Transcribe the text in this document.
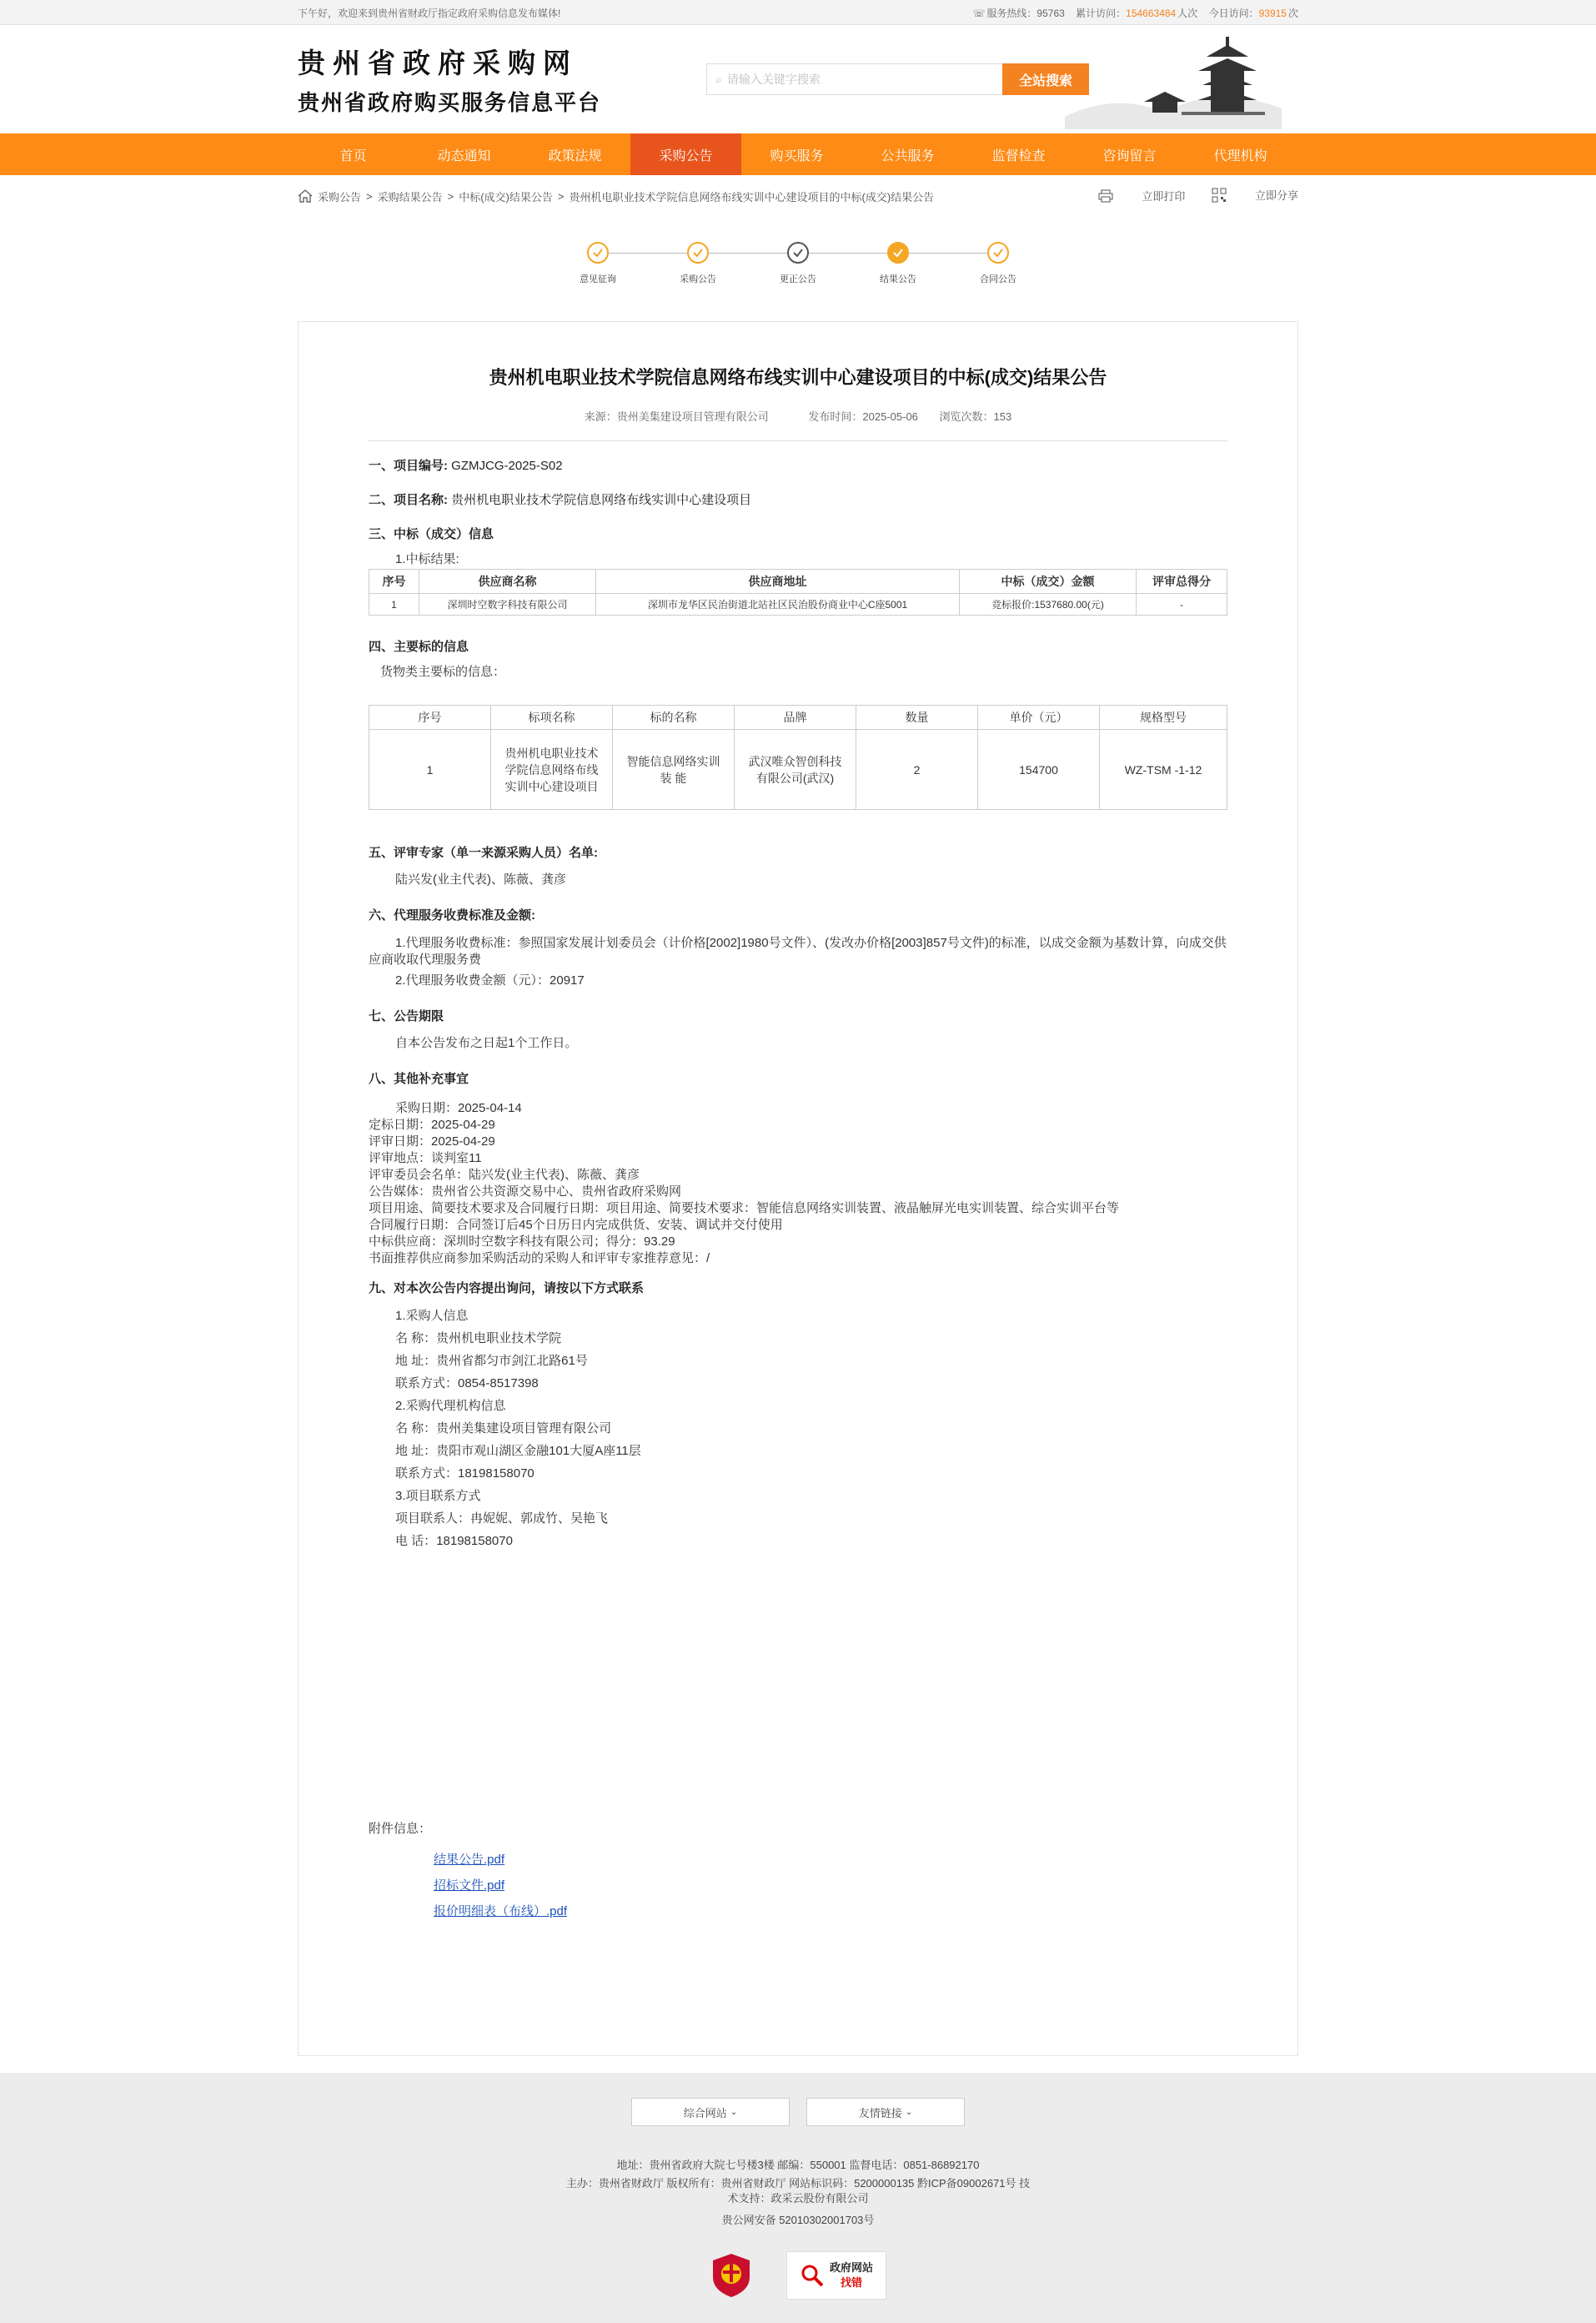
下午好，欢迎来到贵州省财政厅指定政府采购信息发布媒体!	☏ 服务热线：95763 累计访问：154663484 人次 今日访问：93915 次
贵州省政府采购网
贵州省政府购买服务信息平台
⌕ 请输入关键字搜索	全站搜索
首页	动态通知	政策法规	采购公告	购买服务	公共服务	监督检查	咨询留言	代理机构
采购公告 > 采购结果公告 > 中标(成交)结果公告 > 贵州机电职业技术学院信息网络布线实训中心建设项目的中标(成交)结果公告	立即打印
	立即分享
意见征询	采购公告	更正公告	结果公告	合同公告
贵州机电职业技术学院信息网络布线实训中心建设项目的中标(成交)结果公告
来源：贵州美集建设项目管理有限公司	发布时间：2025-05-06 浏览次数：153
一、项目编号: GZMJCG-2025-S02
二、项目名称: 贵州机电职业技术学院信息网络布线实训中心建设项目
三、中标（成交）信息
1.中标结果:
序号	供应商名称	供应商地址	中标（成交）金额	评审总得分
1	深圳时空数字科技有限公司	深圳市龙华区民治街道北站社区民治股份商业中心C座5001	竞标报价:1537680.00(元)	-
四、主要标的信息
货物类主要标的信息：
序号	标项名称	标的名称	品牌	数量	单价（元）	规格型号
1	贵州机电职业技术学院信息网络布线实训中心建设项目	智能信息网络实训装 能	武汉唯众智创科技有限公司(武汉)	2	154700	WZ-TSM -1-12
五、评审专家（单一来源采购人员）名单:
陆兴发(业主代表)、陈薇、龚彦
六、代理服务收费标准及金额:
1.代理服务收费标准：参照国家发展计划委员会（计价格[2002]1980号文件）、(发改办价格[2003]857号文件)的标准，以成交金额为基数计算，向成交供应商收取代理服务费
2.代理服务收费金额（元）：20917
七、公告期限
自本公告发布之日起1个工作日。
八、其他补充事宜
采购日期：2025-04-14
定标日期：2025-04-29
评审日期：2025-04-29
评审地点：谈判室11
评审委员会名单：陆兴发(业主代表)、陈薇、龚彦
公告媒体：贵州省公共资源交易中心、贵州省政府采购网
项目用途、简要技术要求及合同履行日期：项目用途、简要技术要求：智能信息网络实训装置、液晶触屏光电实训装置、综合实训平台等
合同履行日期：合同签订后45个日历日内完成供货、安装、调试并交付使用
中标供应商：深圳时空数字科技有限公司；得分：93.29
书面推荐供应商参加采购活动的采购人和评审专家推荐意见：/
九、对本次公告内容提出询问，请按以下方式联系
1.采购人信息
名 称：贵州机电职业技术学院
地 址：贵州省都匀市剑江北路61号
联系方式：0854-8517398
2.采购代理机构信息
名 称：贵州美集建设项目管理有限公司
地 址：贵阳市观山湖区金融101大厦A座11层
联系方式：18198158070
3.项目联系方式
项目联系人：冉妮妮、郭成竹、吴艳飞
电 话：18198158070
附件信息：
结果公告.pdf
招标文件.pdf
报价明细表（布线）.pdf
综合网站 ⌄	友情链接 ⌄
地址：贵州省政府大院七号楼3楼 邮编：550001 监督电话：0851-86892170
主办：贵州省财政厅 版权所有：贵州省财政厅 网站标识码：5200000135 黔ICP备09002671号 技
术支持：政采云股份有限公司
贵公网安备 52010302001703号
政府网站
找错
